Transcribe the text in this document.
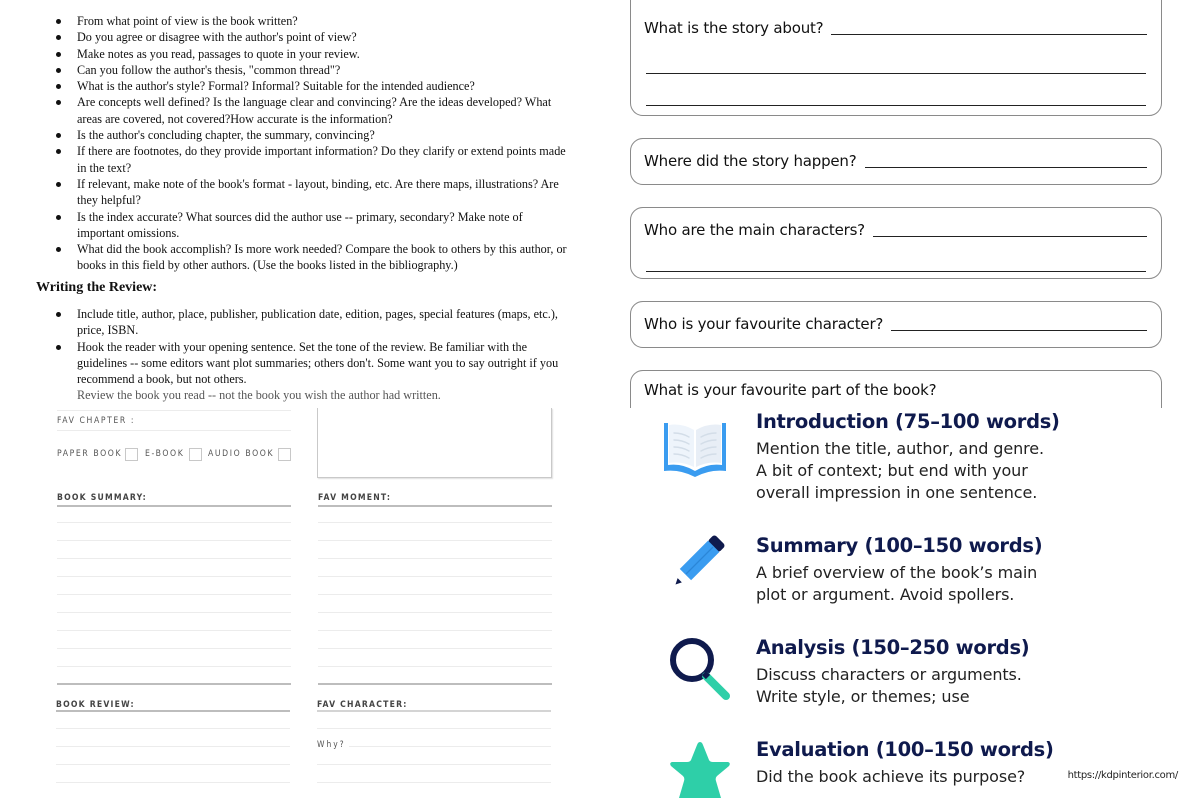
From what point of view is the book written?
Do you agree or disagree with the author's point of view?
Make notes as you read, passages to quote in your review.
Can you follow the author's thesis, "common thread"?
What is the author's style? Formal? Informal? Suitable for the intended audience?
Are concepts well defined? Is the language clear and convincing? Are the ideas developed? What areas are covered, not covered?How accurate is the information?
Is the author's concluding chapter, the summary, convincing?
If there are footnotes, do they provide important information? Do they clarify or extend points made in the text?
If relevant, make note of the book's format - layout, binding, etc. Are there maps, illustrations? Are they helpful?
Is the index accurate? What sources did the author use -- primary, secondary? Make note of important omissions.
What did the book accomplish? Is more work needed? Compare the book to others by this author, or books in this field by other authors. (Use the books listed in the bibliography.)
Writing the Review:
Include title, author, place, publisher, publication date, edition, pages, special features (maps, etc.), price, ISBN.
Hook the reader with your opening sentence. Set the tone of the review. Be familiar with the guidelines -- some editors want plot summaries; others don't. Some want you to say outright if you recommend a book, but not others.
Review the book you read -- not the book you wish the author had written.
What is the story about?
Where did the story happen?
Who are the main characters?
Who is your favourite character?
What is your favourite part of the book?
FAV CHAPTER :
PAPER BOOK	E-BOOK	AUDIO BOOK
BOOK SUMMARY:	FAV MOMENT:
BOOK REVIEW:	FAV CHARACTER:
Why?
Introduction (75–100 words)

Mention the title, author, and genre.
A bit of context; but end with your
overall impression in one sentence.

Summary (100–150 words)

A brief overview of the book’s main
plot or argument. Avoid spollers.

Analysis (150–250 words)

Discuss characters or arguments.
Write style, or themes; use

Evaluation (100–150 words)

Did the book achieve its purpose?	https://kdpinterior.com/
